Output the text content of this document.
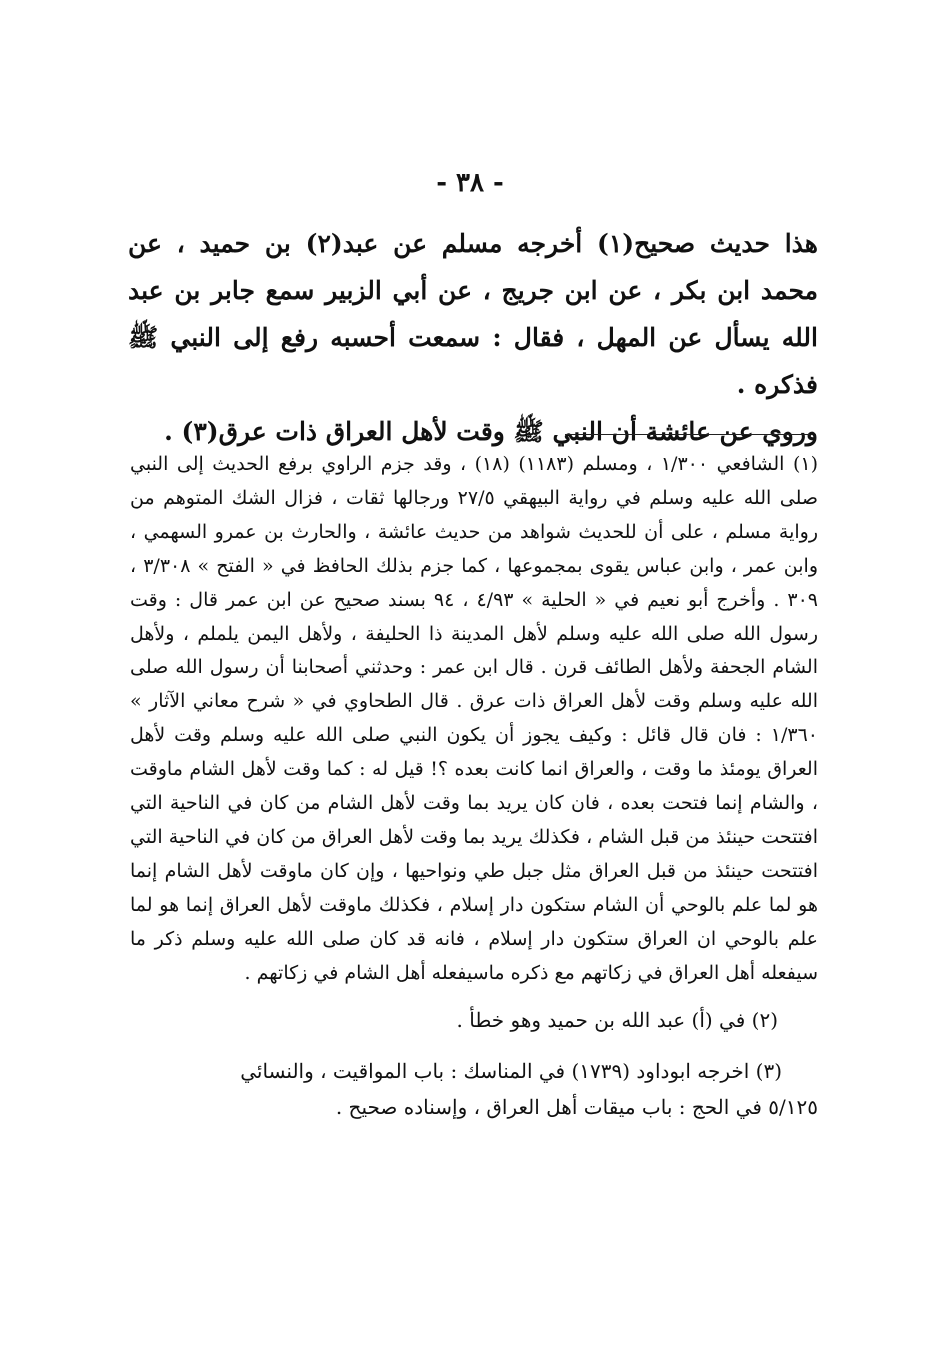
- ٣٨ -

هذا حديث صحيح(١) أخرجه مسلم عن عبد(٢) بن حميد ، عن محمد ابن بكر ، عن ابن جريج ، عن أبي الزبير سمع جابر بن عبد الله يسأل عن المهل ، فقال : سمعت أحسبه رفع إلى النبي ﷺ فذكره .

وروي عن عائشة أن النبي ﷺ وقت لأهل العراق ذات عرق(٣) .

(١) الشافعي ١/٣٠٠ ، ومسلم (١١٨٣) (١٨) ، وقد جزم الراوي برفع الحديث إلى النبي صلى الله عليه وسلم في رواية البيهقي ٢٧/٥ ورجالها ثقات ، فزال الشك المتوهم من رواية مسلم ، على أن للحديث شواهد من حديث عائشة ، والحارث بن عمرو السهمي ، وابن عمر ، وابن عباس يقوى بمجموعها ، كما جزم بذلك الحافظ في « الفتح » ٣/٣٠٨ ، ٣٠٩ . وأخرج أبو نعيم في « الحلية » ٤/٩٣ ، ٩٤ بسند صحيح عن ابن عمر قال : وقت رسول الله صلى الله عليه وسلم لأهل المدينة ذا الحليفة ، ولأهل اليمن يلملم ، ولأهل الشام الجحفة ولأهل الطائف قرن . قال ابن عمر : وحدثني أصحابنا أن رسول الله صلى الله عليه وسلم وقت لأهل العراق ذات عرق . قال الطحاوي في « شرح معاني الآثار » ١/٣٦٠ : فان قال قائل : وكيف يجوز أن يكون النبي صلى الله عليه وسلم وقت لأهل العراق يومئذ ما وقت ، والعراق انما كانت بعده ؟! قيل له : كما وقت لأهل الشام ماوقت ، والشام إنما فتحت بعده ، فان كان يريد بما وقت لأهل الشام من كان في الناحية التي افتتحت حينئذ من قبل الشام ، فكذلك يريد بما وقت لأهل العراق من كان في الناحية التي افتتحت حينئذ من قبل العراق مثل جبل طي ونواحيها ، وإن كان ماوقت لأهل الشام إنما هو لما علم بالوحي أن الشام ستكون دار إسلام ، فكذلك ماوقت لأهل العراق إنما هو لما علم بالوحي ان العراق ستكون دار إسلام ، فانه قد كان صلى الله عليه وسلم ذكر ما سيفعله أهل العراق في زكاتهم مع ذكره ماسيفعله أهل الشام في زكاتهم .

(٢) في (أ) عبد الله بن حميد وهو خطأ .

(٣) اخرجه ابوداود (١٧٣٩) في المناسك : باب المواقيت ، والنسائي
٥/١٢٥ في الحج : باب ميقات أهل العراق ، وإسناده صحيح .
